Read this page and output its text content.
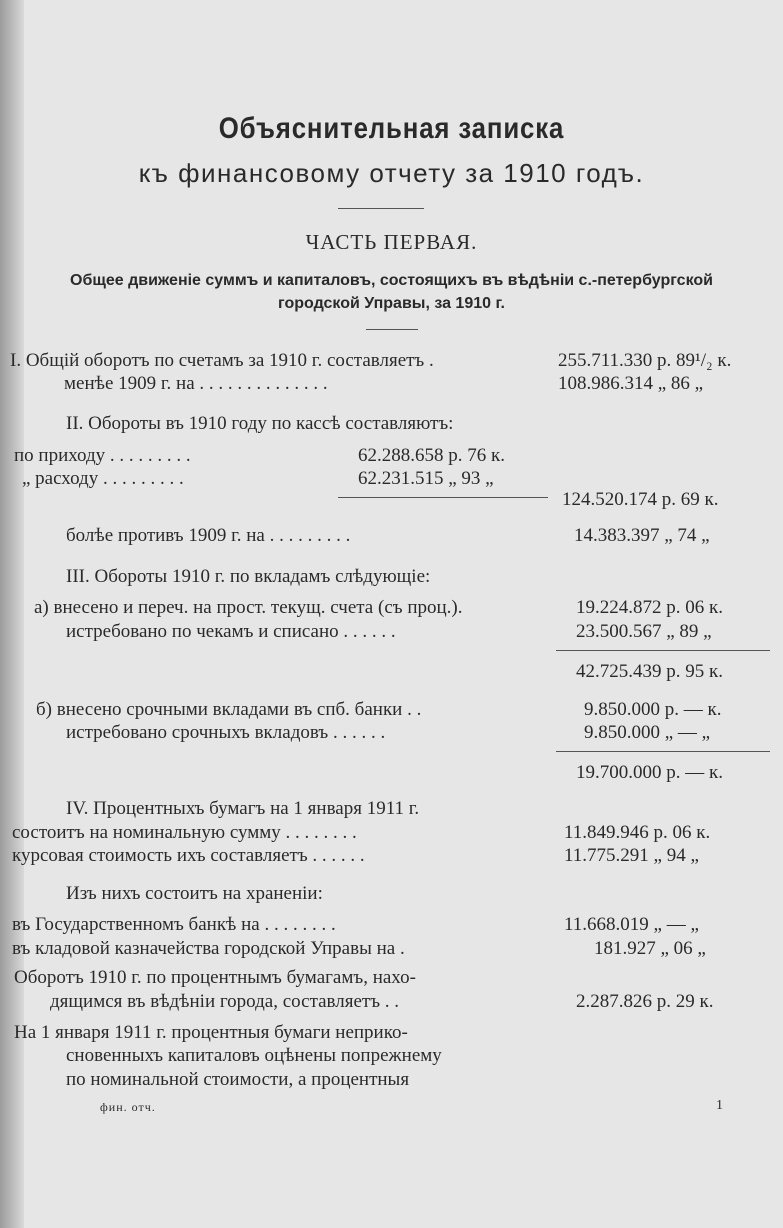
Объяснительная записка
къ финансовому отчету за 1910 годъ.
ЧАСТЬ ПЕРВАЯ.
Общее движеніе суммъ и капиталовъ, состоящихъ въ вѣдѣніи с.-петербургской
городской Управы, за 1910 г.
I. Общій оборотъ по счетамъ за 1910 г. составляетъ .	255.711.330 р. 89¹/₂ к.
менѣе 1909 г. на . . . . . . . . . . . . . .	108.986.314 „ 86 „
II. Обороты въ 1910 году по кассѣ составляютъ:
по приходу . . . . . . . . .	62.288.658 р. 76 к.
„ расходу . . . . . . . . .	62.231.515 „ 93 „
124.520.174 р. 69 к.
болѣе противъ 1909 г. на . . . . . . . . .	14.383.397 „ 74 „
III. Обороты 1910 г. по вкладамъ слѣдующіе:
а) внесено и переч. на прост. текущ. счета (съ проц.).	19.224.872 р. 06 к.
истребовано по чекамъ и списано . . . . . .	23.500.567 „ 89 „
42.725.439 р. 95 к.
б) внесено срочными вкладами въ спб. банки . .	9.850.000 р. — к.
истребовано срочныхъ вкладовъ . . . . . .	9.850.000 „ — „
19.700.000 р. — к.
IV. Процентныхъ бумагъ на 1 января 1911 г.
состоитъ на номинальную сумму . . . . . . . .	11.849.946 р. 06 к.
курсовая стоимость ихъ составляетъ . . . . . .	11.775.291 „ 94 „
Изъ нихъ состоитъ на храненіи:
въ Государственномъ банкѣ на . . . . . . . .	11.668.019 „ — „
въ кладовой казначейства городской Управы на .	181.927 „ 06 „
Оборотъ 1910 г. по процентнымъ бумагамъ, нахо-
дящимся въ вѣдѣніи города, составляетъ . .	2.287.826 р. 29 к.
На 1 января 1911 г. процентныя бумаги неприко-
сновенныхъ капиталовъ оцѣнены попрежнему
по номинальной стоимости, а процентныя
фин. отч.	1
